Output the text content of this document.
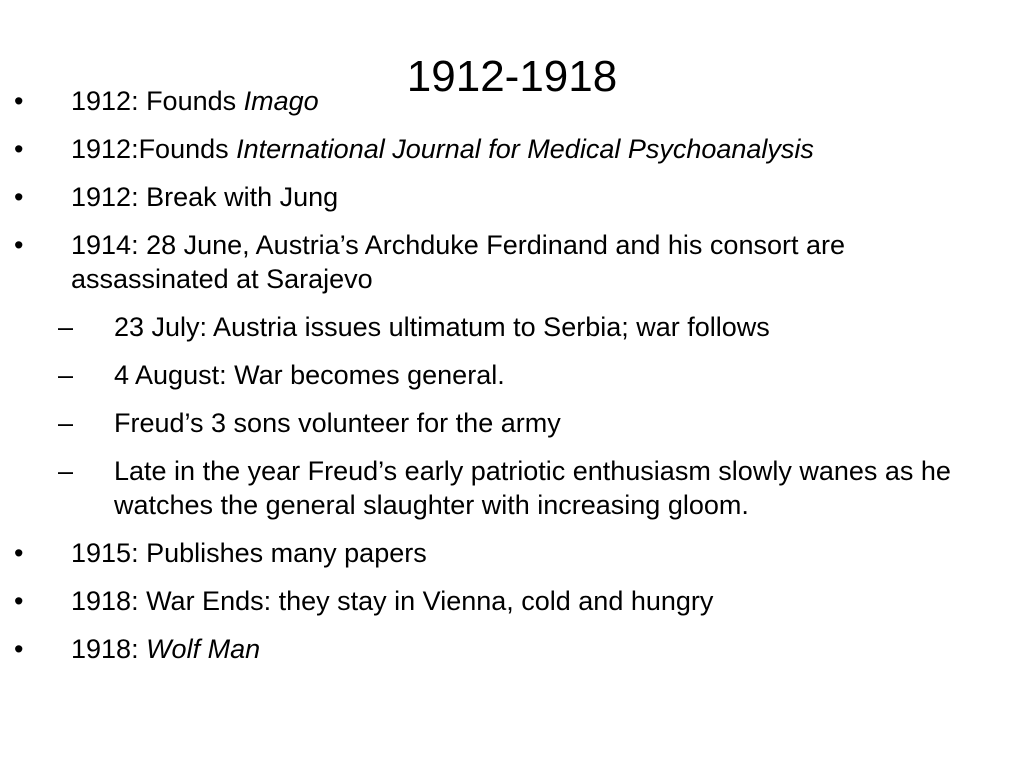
1912-1918
• 1912: Founds Imago
• 1912:Founds International Journal for Medical Psychoanalysis
• 1912: Break with Jung
• 1914: 28 June, Austria’s Archduke Ferdinand and his consort are assassinated at Sarajevo
– 23 July: Austria issues ultimatum to Serbia; war follows
– 4 August: War becomes general.
– Freud’s 3 sons volunteer for the army
– Late in the year Freud’s early patriotic enthusiasm slowly wanes as he watches the general slaughter with increasing gloom.
• 1915: Publishes many papers
• 1918: War Ends: they stay in Vienna, cold and hungry
• 1918: Wolf Man
